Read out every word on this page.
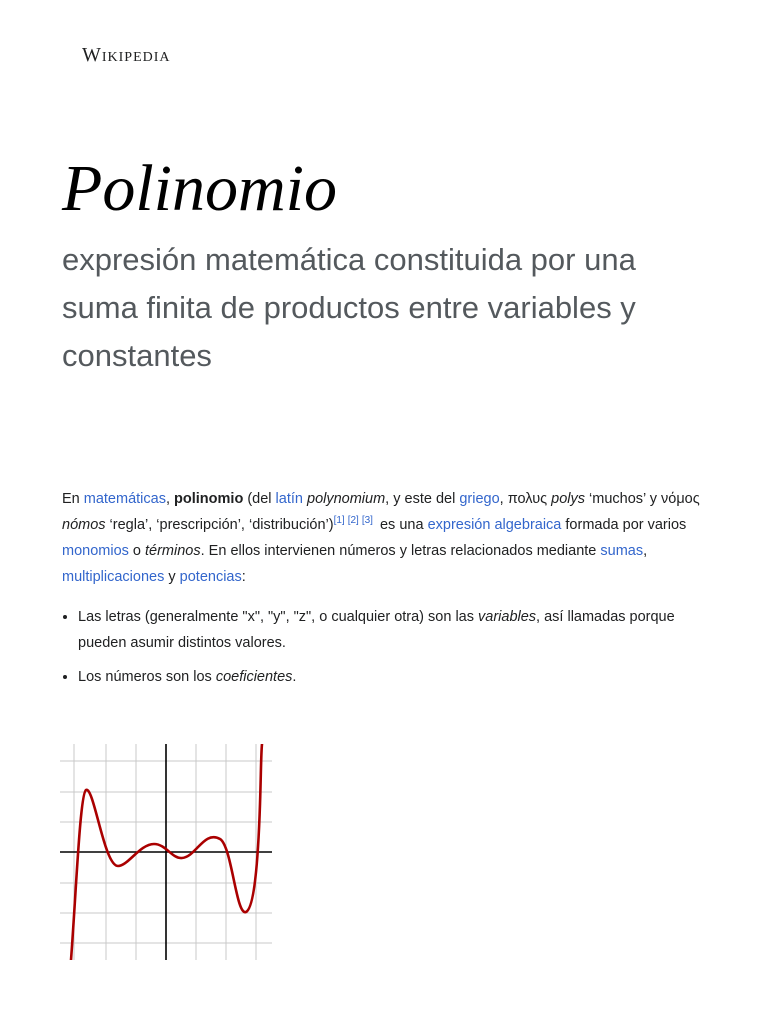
Wikipedia
Polinomio
expresión matemática constituida por una suma finita de productos entre variables y constantes

En matemáticas, polinomio (del latín polynomium, y este del griego, πολυς polys ‘muchos’ y νόμος nómos ‘regla’, ‘prescripción’, ‘distribución’)[1] [2] [3] es una expresión algebraica formada por varios monomios o términos. En ellos intervienen números y letras relacionados mediante sumas, multiplicaciones y potencias:

• Las letras (generalmente "x", "y", "z", o cualquier otra) son las variables, así llamadas porque pueden asumir distintos valores.
• Los números son los coeficientes.
